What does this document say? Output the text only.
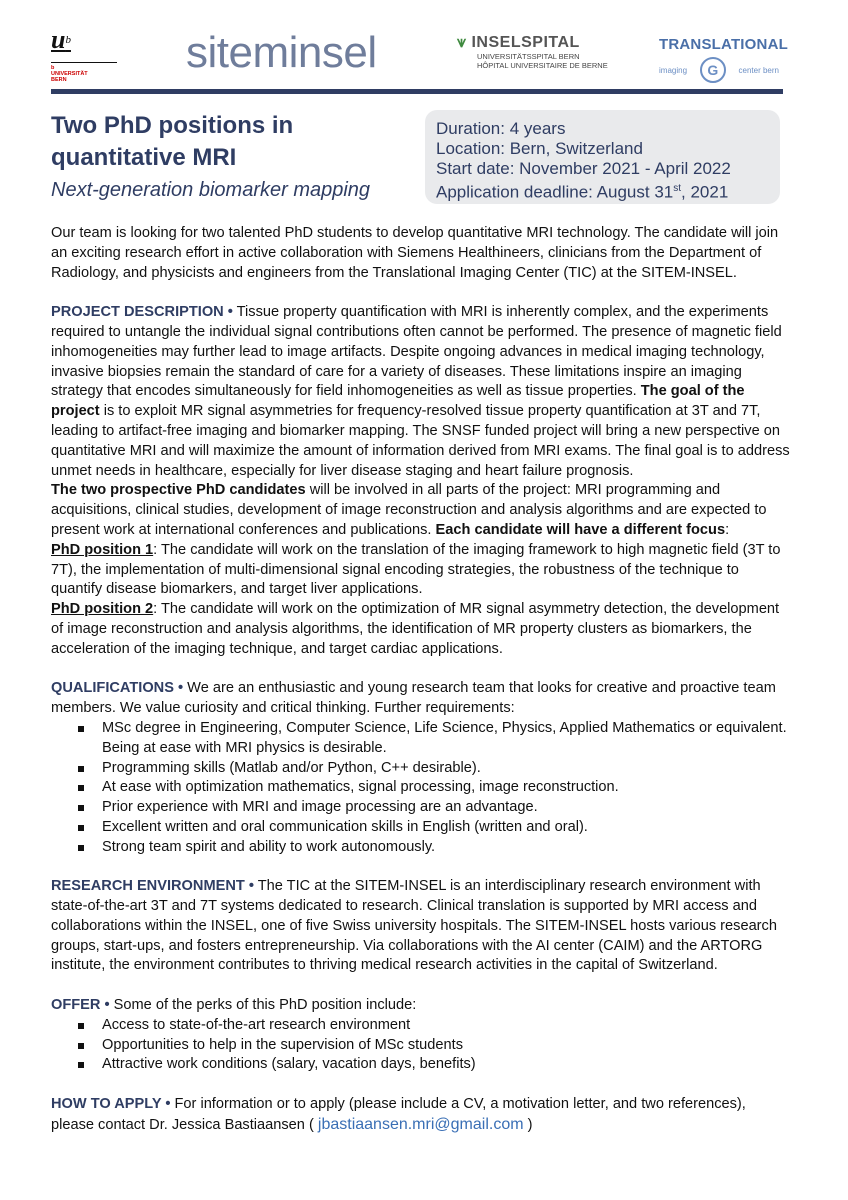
$u^b$
b
UNIVERSITÄT
BERN
siteminsel	⩛ INSELSPITAL
UNIVERSITÄTSSPITAL BERN
HÔPITAL UNIVERSITAIRE DE BERNE
TRANSLATIONAL
imaging	G	center bern
Two PhD positions in quantitative MRI
Next-generation biomarker mapping
Duration: 4 years
Location: Bern, Switzerland
Start date: November 2021 - April 2022
Application deadline: August 31st, 2021

Our team is looking for two talented PhD students to develop quantitative MRI technology. The candidate will join an exciting research effort in active collaboration with Siemens Healthineers, clinicians from the Department of Radiology, and physicists and engineers from the Translational Imaging Center (TIC) at the SITEM-INSEL.

PROJECT DESCRIPTION • Tissue property quantification with MRI is inherently complex, and the experiments required to untangle the individual signal contributions often cannot be performed. The presence of magnetic field inhomogeneities may further lead to image artifacts. Despite ongoing advances in medical imaging technology, invasive biopsies remain the standard of care for a variety of diseases. These limitations inspire an imaging strategy that encodes simultaneously for field inhomogeneities as well as tissue properties. The goal of the project is to exploit MR signal asymmetries for frequency-resolved tissue property quantification at 3T and 7T, leading to artifact-free imaging and biomarker mapping. The SNSF funded project will bring a new perspective on quantitative MRI and will maximize the amount of information derived from MRI exams. The final goal is to address unmet needs in healthcare, especially for liver disease staging and heart failure prognosis.

The two prospective PhD candidates will be involved in all parts of the project: MRI programming and acquisitions, clinical studies, development of image reconstruction and analysis algorithms and are expected to present work at international conferences and publications. Each candidate will have a different focus:

PhD position 1: The candidate will work on the translation of the imaging framework to high magnetic field (3T to 7T), the implementation of multi-dimensional signal encoding strategies, the robustness of the technique to quantify disease biomarkers, and target liver applications.

PhD position 2: The candidate will work on the optimization of MR signal asymmetry detection, the development of image reconstruction and analysis algorithms, the identification of MR property clusters as biomarkers, the acceleration of the imaging technique, and target cardiac applications.

QUALIFICATIONS • We are an enthusiastic and young research team that looks for creative and proactive team members. We value curiosity and critical thinking. Further requirements:

MSc degree in Engineering, Computer Science, Life Science, Physics, Applied Mathematics or equivalent. Being at ease with MRI physics is desirable.
Programming skills (Matlab and/or Python, C++ desirable).
At ease with optimization mathematics, signal processing, image reconstruction.
Prior experience with MRI and image processing are an advantage.
Excellent written and oral communication skills in English (written and oral).
Strong team spirit and ability to work autonomously.

RESEARCH ENVIRONMENT • The TIC at the SITEM-INSEL is an interdisciplinary research environment with state-of-the-art 3T and 7T systems dedicated to research. Clinical translation is supported by MRI access and collaborations within the INSEL, one of five Swiss university hospitals. The SITEM-INSEL hosts various research groups, start-ups, and fosters entrepreneurship. Via collaborations with the AI center (CAIM) and the ARTORG institute, the environment contributes to thriving medical research activities in the capital of Switzerland.

OFFER • Some of the perks of this PhD position include:

Access to state-of-the-art research environment
Opportunities to help in the supervision of MSc students
Attractive work conditions (salary, vacation days, benefits)

HOW TO APPLY • For information or to apply (please include a CV, a motivation letter, and two references), please contact Dr. Jessica Bastiaansen ( jbastiaansen.mri@gmail.com )
